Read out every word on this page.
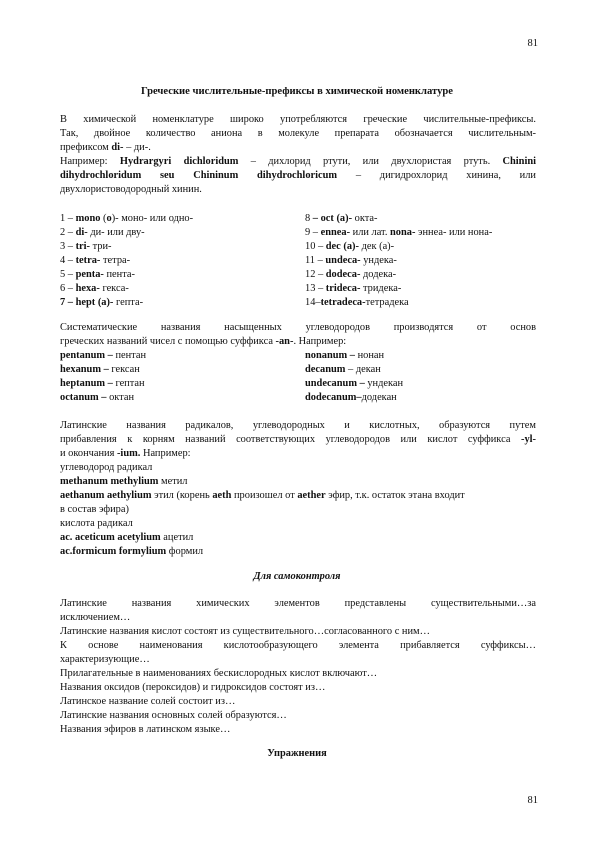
81
Греческие числительные-префиксы в химической номенклатуре
В химической номенклатуре широко употребляются греческие числительные-префиксы.
Так, двойное количество аниона в молекуле препарата обозначается числительным-
префиксом di- – ди-.
Например: Hydrargyri dichloridum – дихлорид ртути, или двухлористая ртуть. Chinini
dihydrochloridum seu Chininum dihydrochloricum – дигидрохлорид хинина, или
двухлористоводородный хинин.
1 – mono (o)- моно- или одно-	8 – oct (a)- окта-
2 – di- ди- или дву-	9 – ennea- или лат. nona- эннеа- или нона-
3 – tri- три-	10 – dec (a)- дек (a)-
4 – tetra- тетра-	11 – undeca- ундека-
5 – penta- пента-	12 – dodeca- додека-
6 – hexa- гекса-	13 – trideca- тридека-
7 – hept (a)- гепта-	14–tetradeca-тетрадека
Систематические названия насыщенных углеводородов производятся от основ
греческих названий чисел с помощью суффикса -an-. Например:
pentanum – пентан	nonanum – нонан
hexanum – гексан	decanum – декан
heptanum – гептан	undecanum – ундекан
octanum – октан	dodecanum–додекан
Латинские названия радикалов, углеводородных и кислотных, образуются путем
прибавления к корням названий соответствующих углеводородов или кислот суффикса -yl-
и окончания -ium. Например:
углеводород радикал
methanum methylium метил
aethanum aethylium этил (корень aeth произошел от aether эфир, т.к. остаток этана входит
в состав эфира)
кислота радикал
ac. aceticum acetylium ацетил
ac.formicum formylium формил
Для самоконтроля
Латинские названия химических элементов представлены существительными…за
исключением…
Латинские названия кислот состоят из существительного…согласованного с ним…
К основе наименования кислотообразующего элемента прибавляется суффиксы…
характеризующие…
Прилагательные в наименованиях бескислородных кислот включают…
Названия оксидов (пероксидов) и гидроксидов состоят из…
Латинское название солей состоит из…
Латинские названия основных солей образуются…
Названия эфиров в латинском языке…
Упражнения
81
